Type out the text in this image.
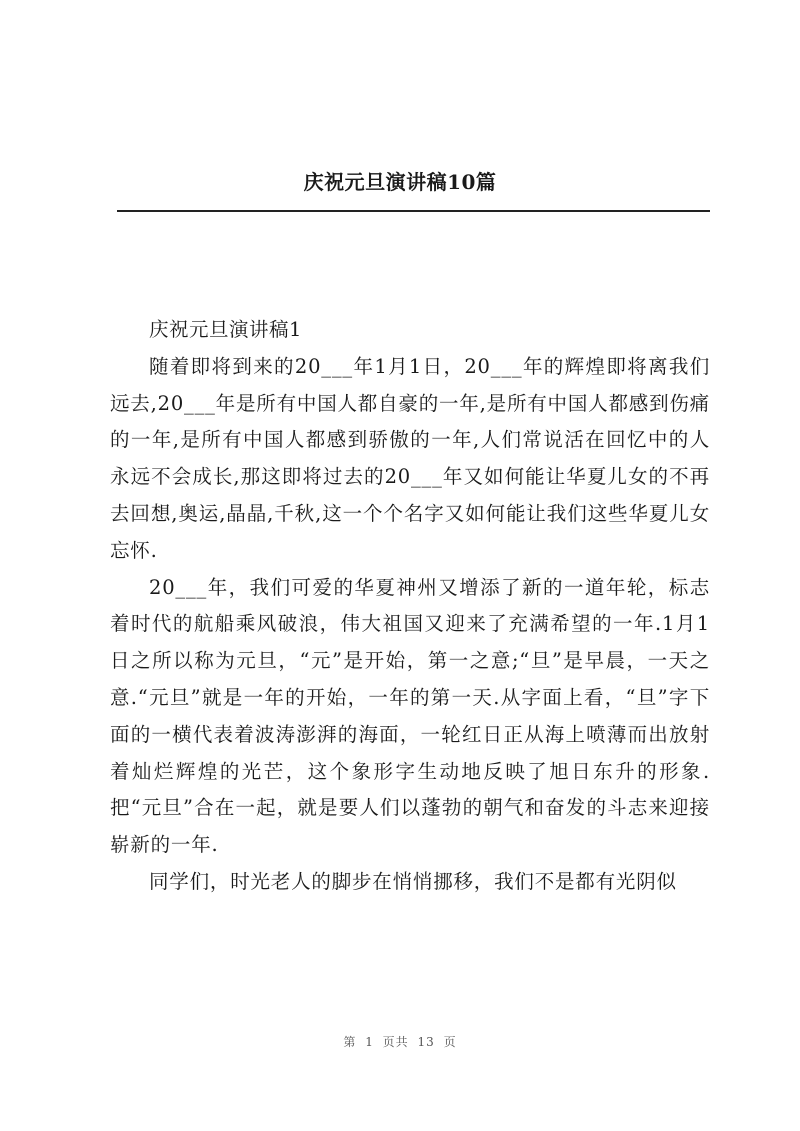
庆祝元旦演讲稿10篇

庆祝元旦演讲稿1

随着即将到来的20___年1月1日，20___年的辉煌即将离我们远去,20___年是所有中国人都自豪的一年,是所有中国人都感到伤痛的一年,是所有中国人都感到骄傲的一年,人们常说活在回忆中的人永远不会成长,那这即将过去的20___年又如何能让华夏儿女的不再去回想,奥运,晶晶,千秋,这一个个名字又如何能让我们这些华夏儿女忘怀.

20___年，我们可爱的华夏神州又增添了新的一道年轮，标志着时代的航船乘风破浪，伟大祖国又迎来了充满希望的一年.1月1日之所以称为元旦，“元”是开始，第一之意;“旦”是早晨，一天之意.“元旦”就是一年的开始，一年的第一天.从字面上看，“旦”字下面的一横代表着波涛澎湃的海面，一轮红日正从海上喷薄而出放射着灿烂辉煌的光芒，这个象形字生动地反映了旭日东升的形象.把“元旦”合在一起，就是要人们以蓬勃的朝气和奋发的斗志来迎接崭新的一年.

同学们，时光老人的脚步在悄悄挪移，我们不是都有光阴似

第 1 页共 13 页
